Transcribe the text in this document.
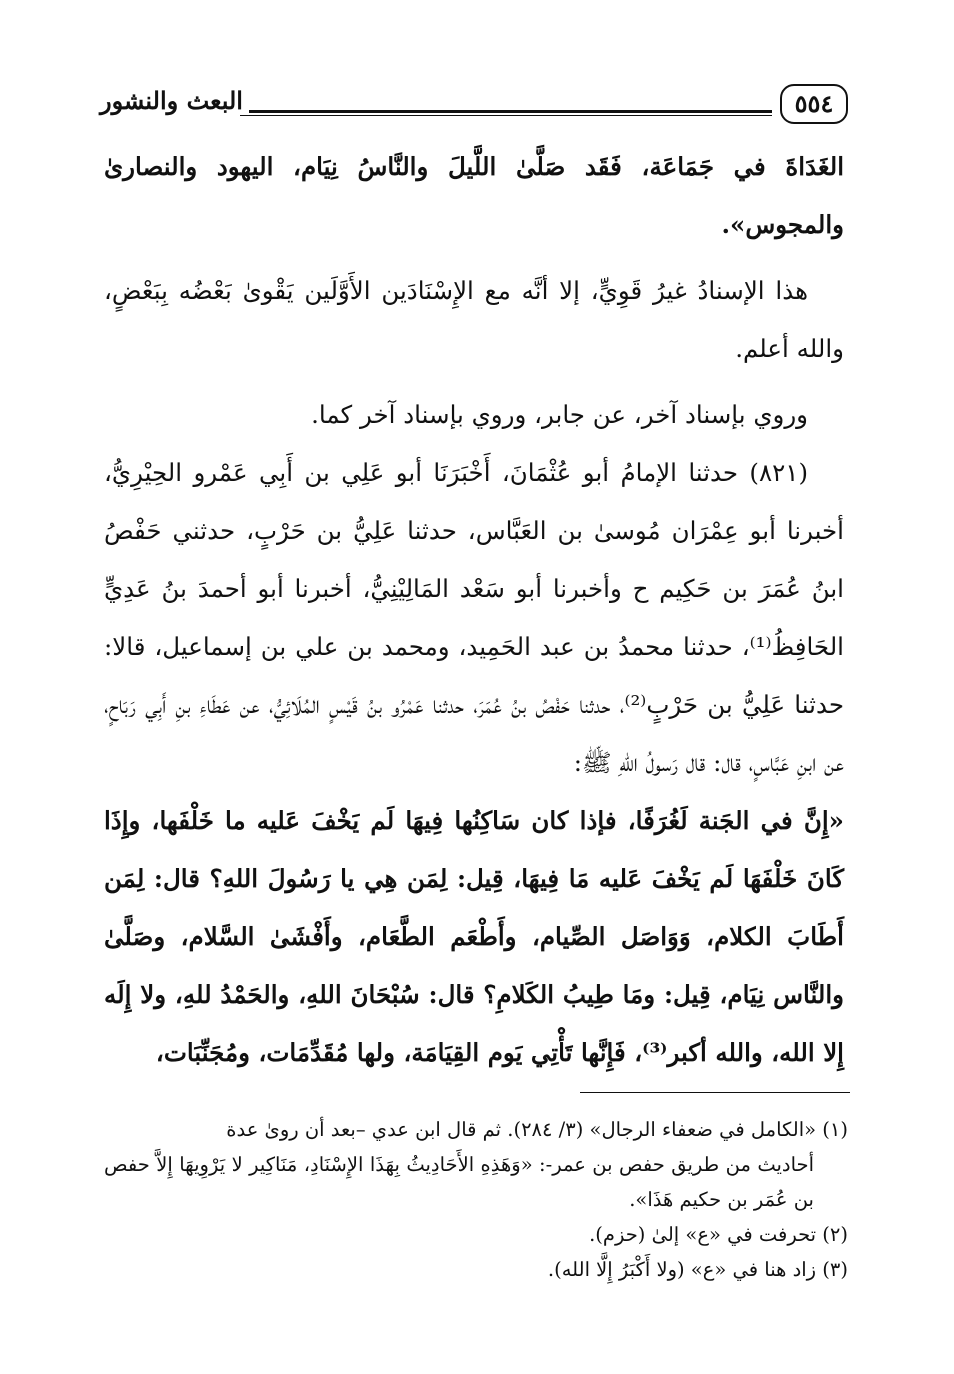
البعث والنشور	٥٥٤

الغَدَاةَ في جَمَاعَة، فَقَد صَلَّىٰ اللَّيلَ والنَّاسُ نِيَام، اليهود والنصارىٰ والمجوس».

هذا الإسنادُ غيرُ قَوِيٍّ، إلا أنَّه مع الإِسْنَادَين الأَوَّلَين يَقْوىٰ بَعْضُه بِبَعْضٍ، والله أعلم.

وروي بإسناد آخر، عن جابر، وروي بإسناد آخر كما.

(٨٢١) حدثنا الإمامُ أبو عُثْمَانَ، أَخْبَرَنَا أبو عَلِي بن أَبِي عَمْرو الحِيْرِيُّ، أخبرنا أبو عِمْرَان مُوسىٰ بن العَبَّاس، حدثنا عَلِيُّ بن حَرْبٍ، حدثني حَفْصُ ابنُ عُمَرَ بن حَكِيم ح وأخبرنا أبو سَعْد المَالِيْنِيُّ، أخبرنا أبو أحمدَ بنُ عَدِيٍّ الحَافِظُ⁽¹⁾، حدثنا محمدُ بن عبد الحَمِيد، ومحمد بن علي بن إسماعيل، قالا: حدثنا عَلِيُّ بن حَرْبٍ⁽²⁾، حدثنا حَفْصُ بنُ عُمَرَ، حدثنا عَمْرُو بنُ قَيْسٍ المُلَائِيُّ، عن عَطَاءِ بنِ أَبِي رَبَاحٍ، عن ابنِ عَبَّاسٍ، قال: قال رَسولُ اللهِ ﷺ:

«إِنَّ في الجَنة لَغُرَفًا، فإذا كان سَاكِنُها فِيهَا لَم يَخْفَ عَليه ما خَلْفَها، وإِذَا كَانَ خَلْفَهَا لَم يَخْفَ عَليه مَا فِيهَا، قِيل: لِمَن هِي يا رَسُولَ اللهِ؟ قال: لِمَن أَطَابَ الكلام، وَوَاصَل الصِّيام، وأَطْعَم الطَّعَام، وأَفْشَىٰ السَّلام، وصَلَّىٰ والنَّاس نِيَام، قِيل: ومَا طِيبُ الكَلامِ؟ قال: سُبْحَانَ اللهِ، والحَمْدُ للهِ، ولا إِلَه إِلا الله، والله أكبر⁽³⁾، فَإِنَّها تَأْتِي يَوم القِيَامَة، ولها مُقَدِّمَات، ومُجَنِّبَات،

(١) «الكامل في ضعفاء الرجال» (٣/ ٢٨٤). ثم قال ابن عدي –بعد أن روىٰ عدة

أحاديث من طريق حفص بن عمر-: «وَهَذِهِ الأَحَادِيثُ بِهَذَا الإِسْنَادِ، مَنَاكِير لا يَرْوِيهَا إِلاَّ حفص بن عُمَر بن حكيم هَذَا».

(٢) تحرفت في «ع» إلىٰ (حزم).

(٣) زاد هنا في «ع» (ولا أَكْبَرُ إِلَّا الله).
